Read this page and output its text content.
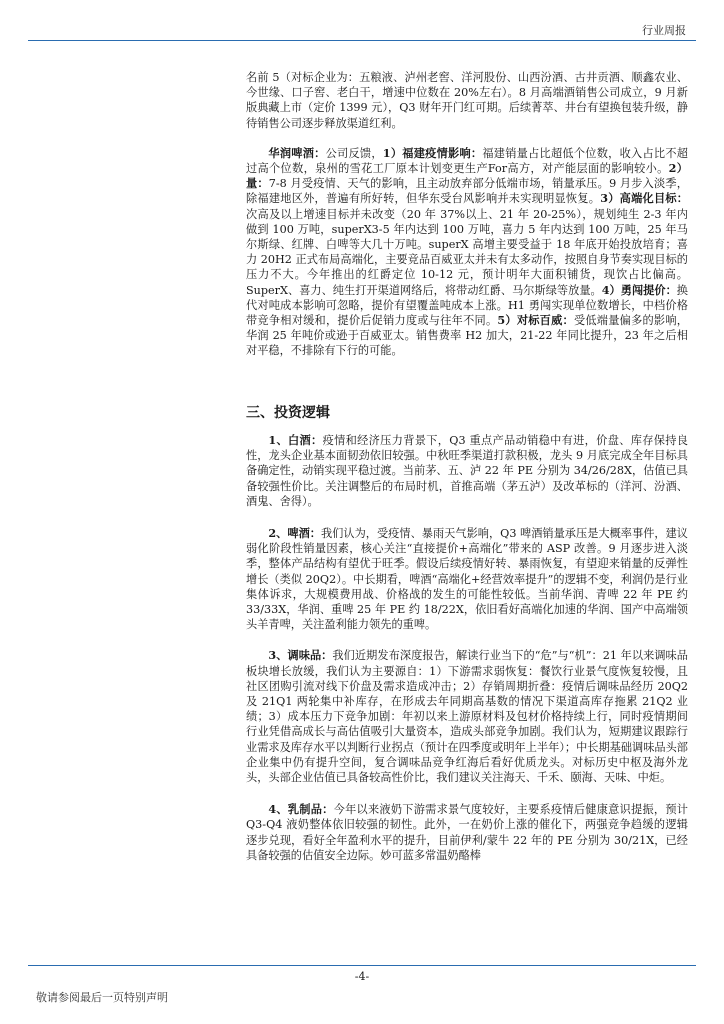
行业周报

名前 5（对标企业为：五粮液、泸州老窖、洋河股份、山西汾酒、古井贡酒、顺鑫农业、今世缘、口子窖、老白干，增速中位数在 20%左右）。8 月高端酒销售公司成立，9 月新版典藏上市（定价 1399 元），Q3 财年开门红可期。后续菁萃、井台有望换包装升级，静待销售公司逐步释放渠道红利。

华润啤酒：公司反馈，1）福建疫情影响：福建销量占比超低个位数，收入占比不超过高个位数，泉州的雪花工厂原本计划变更生产For高方，对产能层面的影响较小。2）量：7-8 月受疫情、天气的影响，且主动放弃部分低端市场，销量承压。9 月步入淡季，除福建地区外，普遍有所好转，但华东受台风影响并未实现明显恢复。3）高端化目标：次高及以上增速目标并未改变（20 年 37%以上、21 年 20-25%），规划纯生 2-3 年内做到 100 万吨，superX3-5 年内达到 100 万吨，喜力 5 年内达到 100 万吨，25 年马尔斯绿、红牌、白啤等大几十万吨。superX 高增主要受益于 18 年底开始投放培育；喜力 20H2 正式布局高端化，主要竞品百威亚太并未有太多动作，按照自身节奏实现目标的压力不大。今年推出的红爵定位 10-12 元，预计明年大面积铺货，现饮占比偏高。SuperX、喜力、纯生打开渠道网络后，将带动红爵、马尔斯绿等放量。4）勇闯提价：换代对吨成本影响可忽略，提价有望覆盖吨成本上涨。H1 勇闯实现单位数增长，中档价格带竞争相对缓和，提价后促销力度或与往年不同。5）对标百威：受低端量偏多的影响，华润 25 年吨价或逊于百威亚太。销售费率 H2 加大，21-22 年同比提升，23 年之后相对平稳，不排除有下行的可能。

三、投资逻辑

1、白酒：疫情和经济压力背景下，Q3 重点产品动销稳中有进，价盘、库存保持良性，龙头企业基本面韧劲依旧较强。中秋旺季渠道打款积极，龙头 9 月底完成全年目标具备确定性，动销实现平稳过渡。当前茅、五、泸 22 年 PE 分别为 34/26/28X，估值已具备较强性价比。关注调整后的布局时机，首推高端（茅五泸）及改革标的（洋河、汾酒、酒鬼、舍得）。

2、啤酒：我们认为，受疫情、暴雨天气影响，Q3 啤酒销量承压是大概率事件，建议弱化阶段性销量因素，核心关注“直接提价+高端化”带来的 ASP 改善。9 月逐步进入淡季，整体产品结构有望优于旺季。假设后续疫情好转、暴雨恢复，有望迎来销量的反弹性增长（类似 20Q2）。中长期看，啤酒“高端化+经营效率提升”的逻辑不变，利润仍是行业集体诉求，大规模费用战、价格战的发生的可能性较低。当前华润、青啤 22 年 PE 约 33/33X，华润、重啤 25 年 PE 约 18/22X，依旧看好高端化加速的华润、国产中高端领头羊青啤，关注盈利能力领先的重啤。

3、调味品：我们近期发布深度报告，解读行业当下的“危”与“机”：21 年以来调味品板块增长放缓，我们认为主要源自：1）下游需求弱恢复：餐饮行业景气度恢复较慢，且社区团购引流对线下价盘及需求造成冲击；2）存销周期折叠：疫情后调味品经历 20Q2 及 21Q1 两轮集中补库存，在形成去年同期高基数的情况下渠道高库存拖累 21Q2 业绩；3）成本压力下竞争加剧：年初以来上游原材料及包材价格持续上行，同时疫情期间行业凭借高成长与高估值吸引大量资本，造成头部竞争加剧。我们认为，短期建议跟踪行业需求及库存水平以判断行业拐点（预计在四季度或明年上半年）；中长期基础调味品头部企业集中仍有提升空间，复合调味品竞争红海后看好优质龙头。对标历史中枢及海外龙头，头部企业估值已具备较高性价比，我们建议关注海天、千禾、颐海、天味、中炬。

4、乳制品：今年以来液奶下游需求景气度较好，主要系疫情后健康意识提振，预计 Q3-Q4 液奶整体依旧较强的韧性。此外，一在奶价上涨的催化下，两强竞争趋缓的逻辑逐步兑现，看好全年盈利水平的提升，目前伊利/蒙牛 22 年的 PE 分别为 30/21X，已经具备较强的估值安全边际。妙可蓝多常温奶酪棒

-4-
敬请参阅最后一页特别声明
